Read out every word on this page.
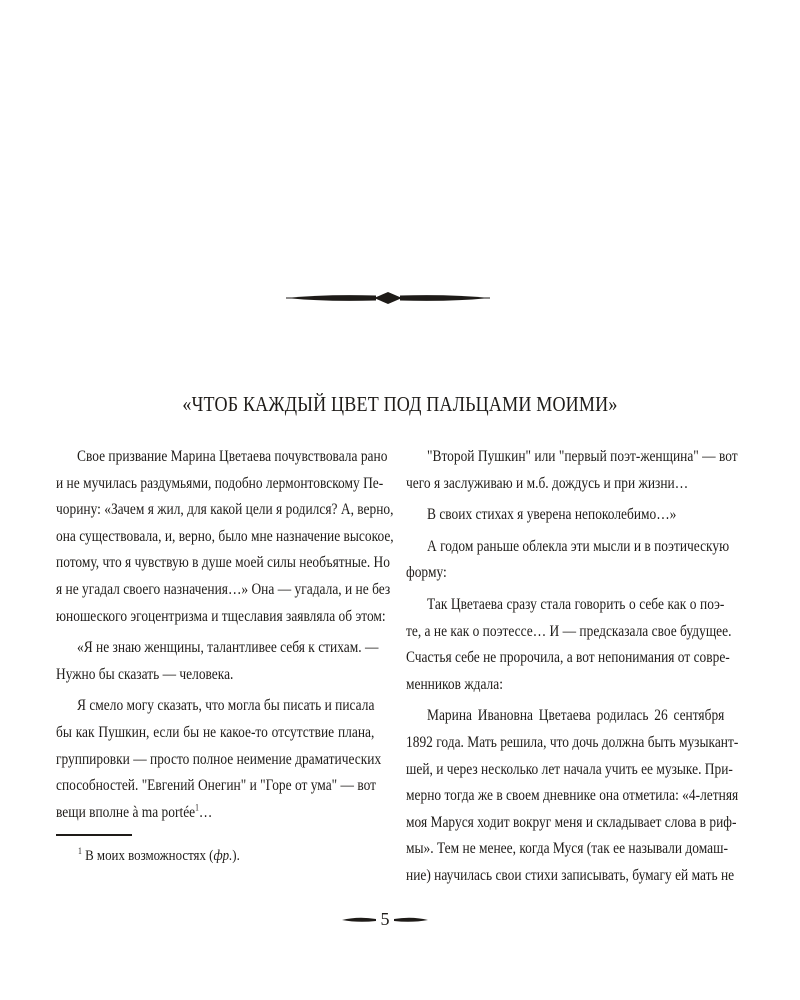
«ЧТОБ КАЖДЫЙ ЦВЕТ ПОД ПАЛЬЦАМИ МОИМИ»

Свое призвание Марина Цветаева почувствовала рано
и не мучилась раздумьями, подобно лермонтовскому Пе-
чорину: «Зачем я жил, для какой цели я родился? А, верно,
она существовала, и, верно, было мне назначение высокое,
потому, что я чувствую в душе моей силы необъятные. Но
я не угадал своего назначения…» Она — угадала, и не без
юношеского эгоцентризма и тщеславия заявляла об этом:

«Я не знаю женщины, талантливее себя к стихам. —
Нужно бы сказать — человека.

Я смело могу сказать, что могла бы писать и писала
бы как Пушкин, если бы не какое-то отсутствие плана,
группировки — просто полное неимение драматических
способностей. "Евгений Онегин" и "Горе от ума" — вот
вещи вполне à ma portée$^1$…

"Второй Пушкин" или "первый поэт-женщина" — вот
чего я заслуживаю и м.б. дождусь и при жизни…

В своих стихах я уверена непоколебимо…»

А годом раньше облекла эти мысли и в поэтическую
форму:

Так Цветаева сразу стала говорить о себе как о поэ-
те, а не как о поэтессе… И — предсказала свое будущее.
Счастья себе не пророчила, а вот непонимания от совре-
менников ждала:

Марина Ивановна Цветаева родилась 26 сентября
1892 года. Мать решила, что дочь должна быть музыкант-
шей, и через несколько лет начала учить ее музыке. При-
мерно тогда же в своем дневнике она отметила: «4-летняя
моя Маруся ходит вокруг меня и складывает слова в риф-
мы». Тем не менее, когда Муся (так ее называли домаш-
ние) научилась свои стихи записывать, бумагу ей мать не

$^1$ В моих возможностях (фр.).
5
